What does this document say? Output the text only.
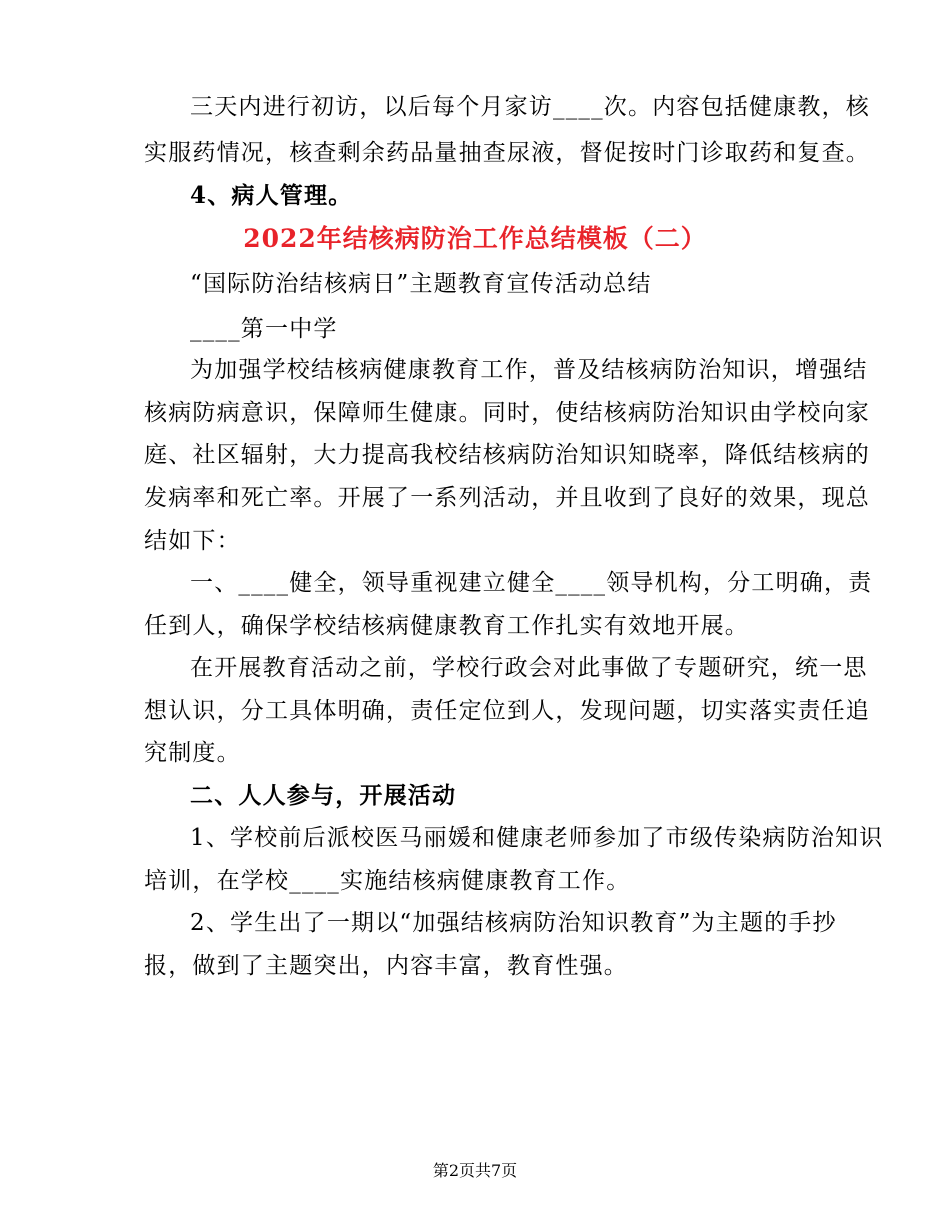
三天内进行初访，以后每个月家访____次。内容包括健康教，核
实服药情况，核查剩余药品量抽查尿液，督促按时门诊取药和复查。
4、病人管理。
2022年结核病防治工作总结模板（二）
“国际防治结核病日”主题教育宣传活动总结
____第一中学
为加强学校结核病健康教育工作，普及结核病防治知识，增强结
核病防病意识，保障师生健康。同时，使结核病防治知识由学校向家
庭、社区辐射，大力提高我校结核病防治知识知晓率，降低结核病的
发病率和死亡率。开展了一系列活动，并且收到了良好的效果，现总
结如下：
一、____健全，领导重视建立健全____领导机构，分工明确，责
任到人，确保学校结核病健康教育工作扎实有效地开展。
在开展教育活动之前，学校行政会对此事做了专题研究，统一思
想认识，分工具体明确，责任定位到人，发现问题，切实落实责任追
究制度。
二、人人参与，开展活动
1、学校前后派校医马丽媛和健康老师参加了市级传染病防治知识
培训，在学校____实施结核病健康教育工作。
2、学生出了一期以“加强结核病防治知识教育”为主题的手抄
报，做到了主题突出，内容丰富，教育性强。
第2页共7页
